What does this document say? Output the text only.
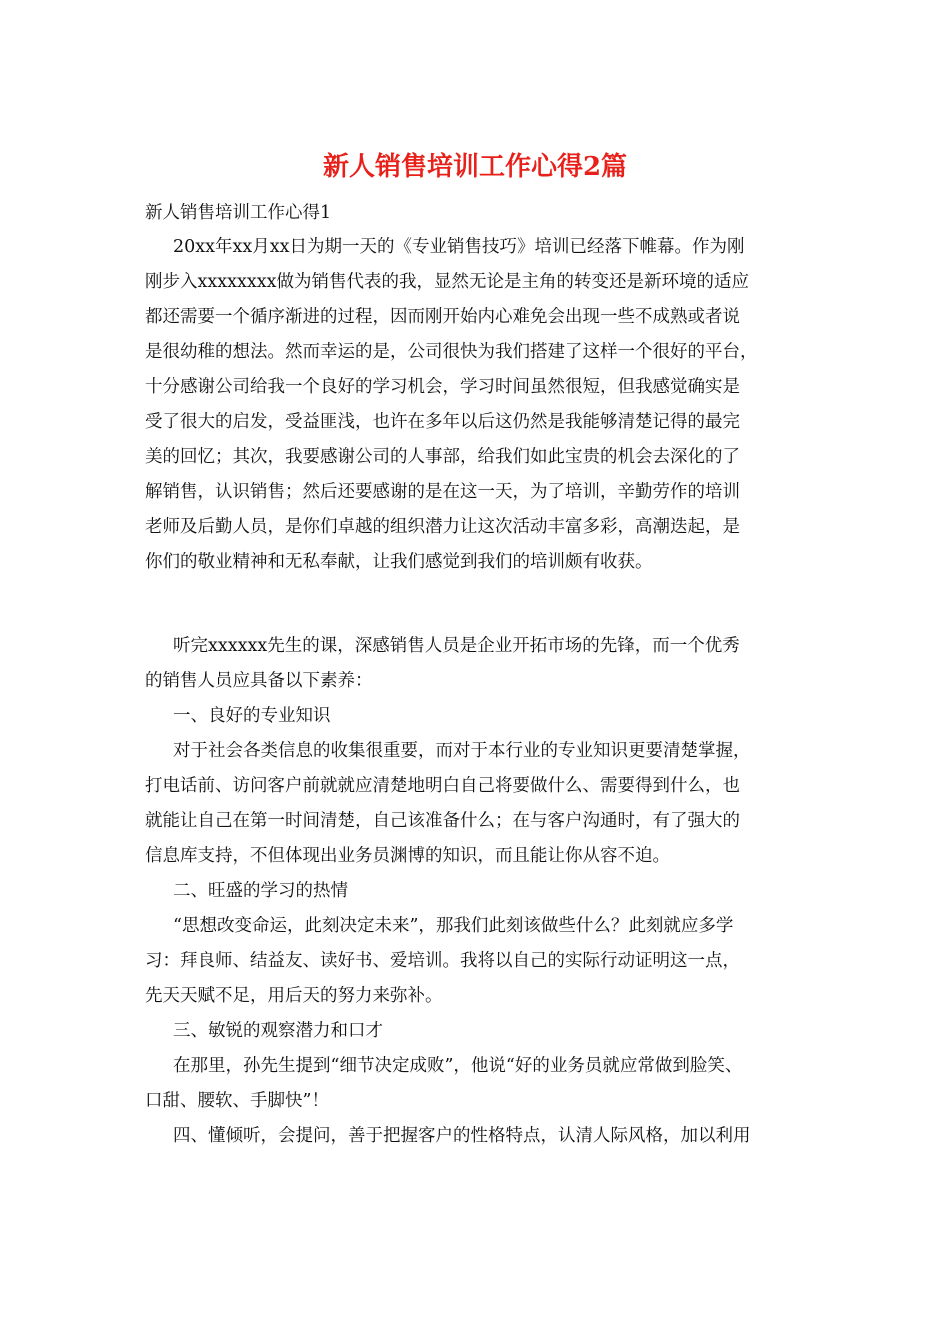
新人销售培训工作心得2篇

新人销售培训工作心得1

20xx年xx月xx日为期一天的《专业销售技巧》培训已经落下帷幕。作为刚

刚步入xxxxxxxx做为销售代表的我，显然无论是主角的转变还是新环境的适应

都还需要一个循序渐进的过程，因而刚开始内心难免会出现一些不成熟或者说

是很幼稚的想法。然而幸运的是，公司很快为我们搭建了这样一个很好的平台，

十分感谢公司给我一个良好的学习机会，学习时间虽然很短，但我感觉确实是

受了很大的启发，受益匪浅，也许在多年以后这仍然是我能够清楚记得的最完

美的回忆；其次，我要感谢公司的人事部，给我们如此宝贵的机会去深化的了

解销售，认识销售；然后还要感谢的是在这一天，为了培训，辛勤劳作的培训

老师及后勤人员，是你们卓越的组织潜力让这次活动丰富多彩，高潮迭起，是

你们的敬业精神和无私奉献，让我们感觉到我们的培训颇有收获。

听完xxxxxx先生的课，深感销售人员是企业开拓市场的先锋，而一个优秀

的销售人员应具备以下素养：

一、良好的专业知识

对于社会各类信息的收集很重要，而对于本行业的专业知识更要清楚掌握，

打电话前、访问客户前就就应清楚地明白自己将要做什么、需要得到什么，也

就能让自己在第一时间清楚，自己该准备什么；在与客户沟通时，有了强大的

信息库支持，不但体现出业务员渊博的知识，而且能让你从容不迫。

二、旺盛的学习的热情

“思想改变命运，此刻决定未来”，那我们此刻该做些什么？此刻就应多学

习：拜良师、结益友、读好书、爱培训。我将以自己的实际行动证明这一点，

先天天赋不足，用后天的努力来弥补。

三、敏锐的观察潜力和口才

在那里，孙先生提到“细节决定成败”，他说“好的业务员就应常做到脸笑、

口甜、腰软、手脚快”！

四、懂倾听，会提问，善于把握客户的性格特点，认清人际风格，加以利用
